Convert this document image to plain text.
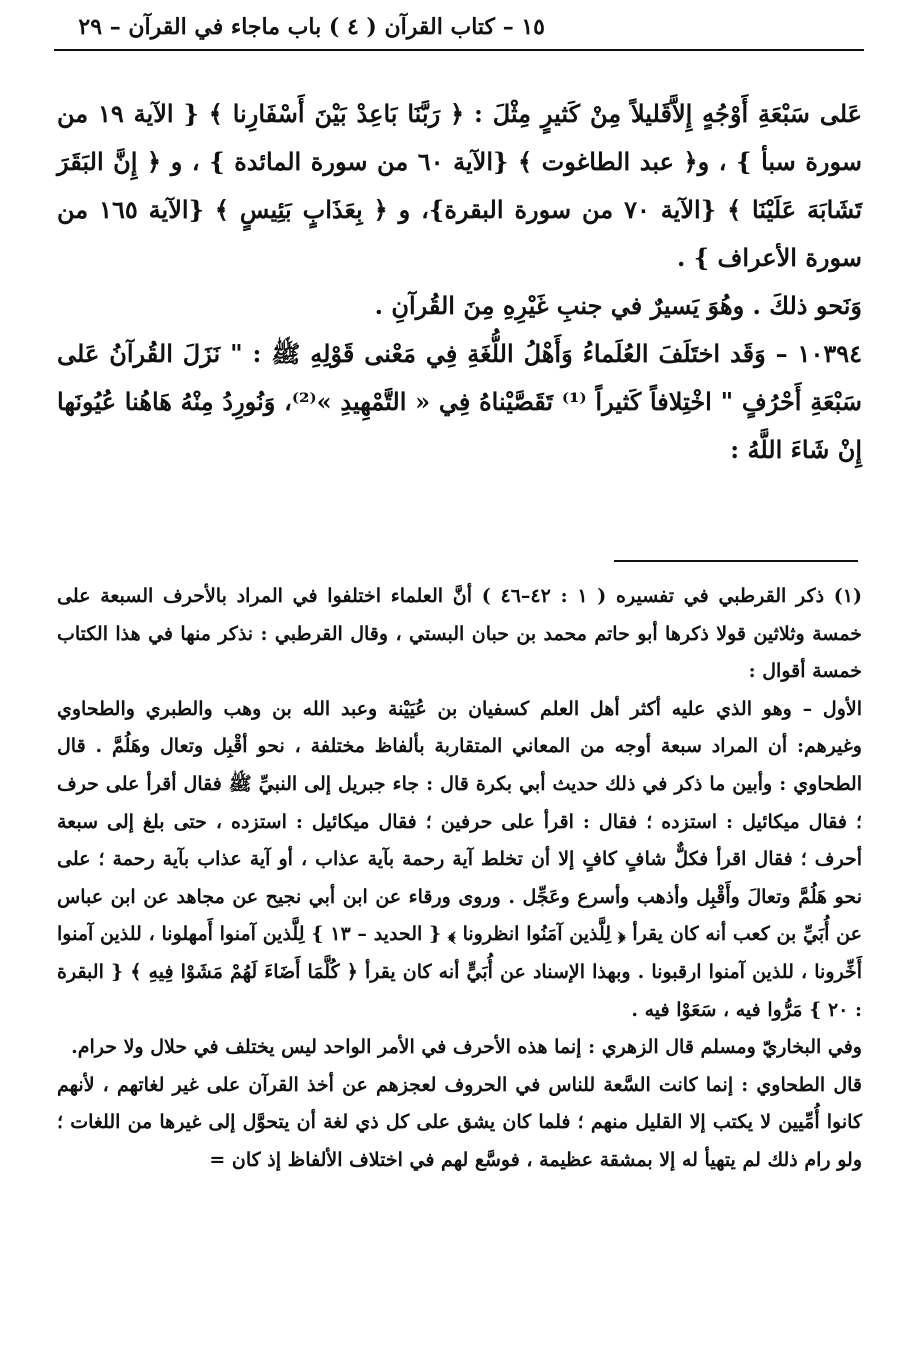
١٥ – كتاب القرآن ( ٤ ) باب ماجاء في القرآن – ٢٩

عَلى سَبْعَةِ أَوْجُهٍ إِلاَّقَليلاً مِنْ كَثيرٍ مِثْلَ : ﴿ رَبَّنَا بَاعِدْ بَيْنَ أَسْفَارِنا ﴾ { الآية ١٩ من سورة سبأ } ، و﴿ عبد الطاغوت ﴾ {الآية ٦٠ من سورة المائدة } ، و ﴿ إِنَّ البَقَرَ تَشَابَهَ عَلَيْنَا ﴾ {الآية ٧٠ من سورة البقرة}، و ﴿ بِعَذَابٍ بَئِيسٍ ﴾ {الآية ١٦٥ من سورة الأعراف } .

وَنَحو ذلكَ . وهُوَ يَسيرٌ في جنبِ غَيْرِهِ مِنَ القُرآنِ .

١٠٣٩٤ – وَقَد اختَلَفَ العُلَماءُ وَأَهْلُ اللُّغَةِ فِي مَعْنى قَوْلِهِ ﷺ : " نَزَلَ القُرآنُ عَلى سَبْعَةِ أَحْرُفٍ " اخْتِلافاً كَثيراً ⁽¹⁾ تَقَصَّيْناهُ فِي « التَّمْهِيدِ »⁽²⁾، وَنُورِدُ مِنْهُ هَاهُنا عُيُونَها إِنْ شَاءَ اللَّهُ :

(١) ذكر القرطبي في تفسيره ( ١ : ٤٢–٤٦ ) أنَّ العلماء اختلفوا في المراد بالأحرف السبعة على خمسة وثلاثين قولا ذكرها أبو حاتم محمد بن حبان البستي ، وقال القرطبي : نذكر منها في هذا الكتاب خمسة أقوال :

الأول – وهو الذي عليه أكثر أهل العلم كسفيان بن عُيَيْنة وعبد الله بن وهب والطبري والطحاوي وغيرهم: أن المراد سبعة أوجه من المعاني المتقاربة بألفاظ مختلفة ، نحو أقْبِل وتعال وهَلُمَّ . قال الطحاوي : وأبين ما ذكر في ذلك حديث أبي بكرة قال : جاء جبريل إلى النبيِّ ﷺ فقال أقرأ على حرف ؛ فقال ميكائيل : استزده ؛ فقال : اقرأ على حرفين ؛ فقال ميكائيل : استزده ، حتى بلغ إلى سبعة أحرف ؛ فقال اقرأ فكلٌّ شافٍ كافٍ إلا أن تخلط آية رحمة بآية عذاب ، أو آية عذاب بآية رحمة ؛ على نحو هَلُمَّ وتعالَ وأَقْبِل وأذهب وأسرع وعَجِّل . وروى ورقاء عن ابن أبي نجيح عن مجاهد عن ابن عباس عن أُبَيِّ بن كعب أنه كان يقرأ ﴿ لِلَّذين آمَنُوا انظرونا ﴾ { الحديد – ١٣ } لِلَّذين آمنوا أَمهلونا ، للذين آمنوا أَخِّرونا ، للذين آمنوا ارقبونا . وبهذا الإسناد عن أُبَيٍّ أنه كان يقرأ ﴿ كُلَّمَا أَضَاءَ لَهُمْ مَشَوْا فِيهِ ﴾ { البقرة : ٢٠ } مَرُّوا فيه ، سَعَوْا فيه .

وفي البخاريّ ومسلم قال الزهري : إنما هذه الأحرف في الأمر الواحد ليس يختلف في حلال ولا حرام.

قال الطحاوي : إنما كانت السَّعة للناس في الحروف لعجزهم عن أخذ القرآن على غير لغاتهم ، لأنهم كانوا أُمِّيين لا يكتب إلا القليل منهم ؛ فلما كان يشق على كل ذي لغة أن يتحوَّل إلى غيرها من اللغات ؛ ولو رام ذلك لم يتهيأ له إلا بمشقة عظيمة ، فوسَّع لهم في اختلاف الألفاظ إذ كان =
